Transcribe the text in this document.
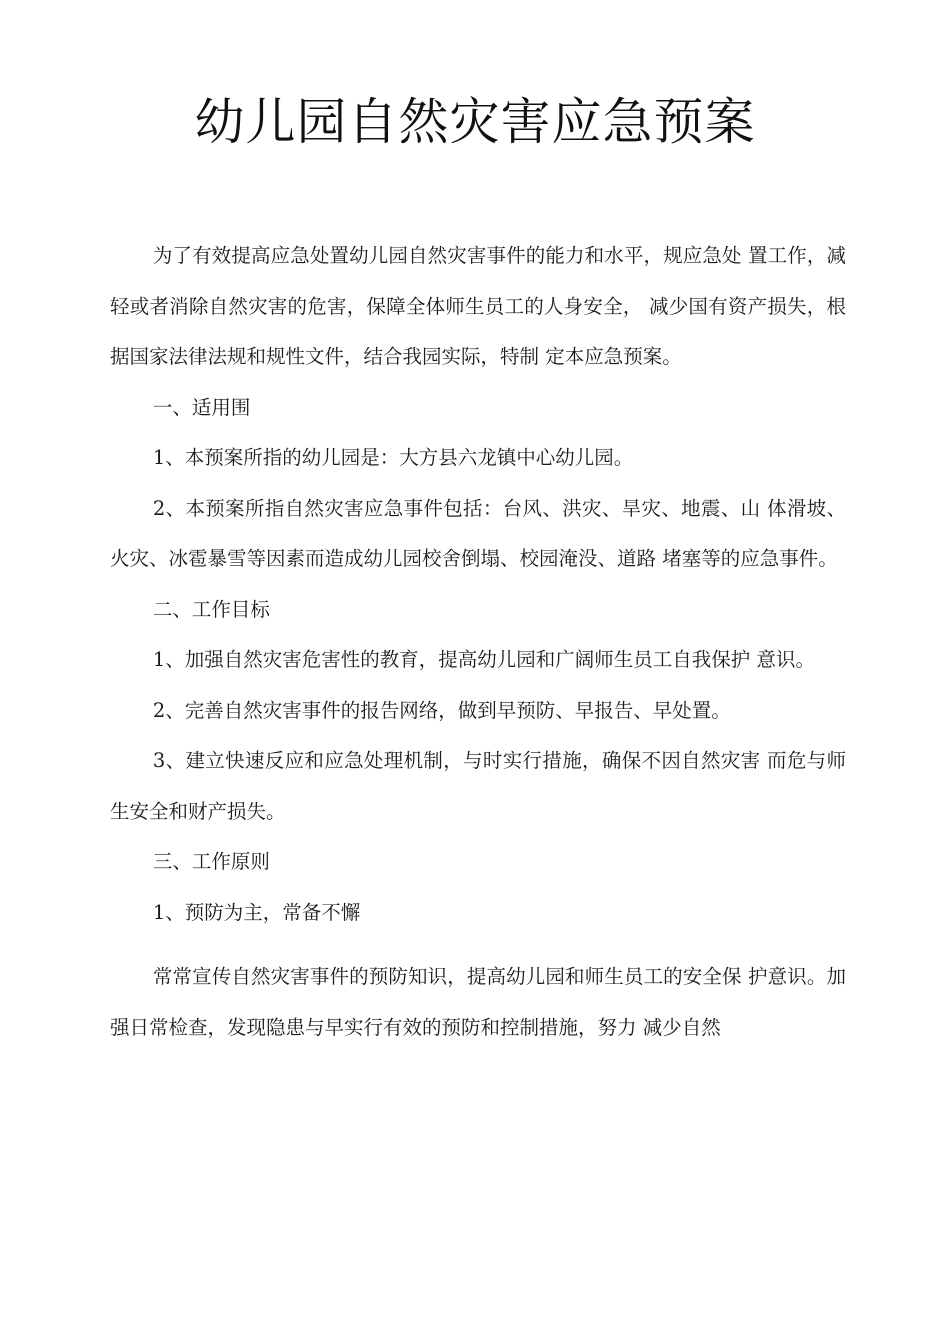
幼儿园自然灾害应急预案

为了有效提高应急处置幼儿园自然灾害事件的能力和水平，规应急处 置工作，减轻或者消除自然灾害的危害，保障全体师生员工的人身安全， 减少国有资产损失，根据国家法律法规和规性文件，结合我园实际，特制 定本应急预案。

一、适用围

1、本预案所指的幼儿园是：大方县六龙镇中心幼儿园。

2、本预案所指自然灾害应急事件包括：台风、洪灾、旱灾、地震、山 体滑坡、火灾、冰雹暴雪等因素而造成幼儿园校舍倒塌、校园淹没、道路 堵塞等的应急事件。

二、工作目标

1、加强自然灾害危害性的教育，提高幼儿园和广阔师生员工自我保护 意识。

2、完善自然灾害事件的报告网络，做到早预防、早报告、早处置。

3、建立快速反应和应急处理机制，与时实行措施，确保不因自然灾害 而危与师生安全和财产损失。

三、工作原则

1、预防为主，常备不懈

常常宣传自然灾害事件的预防知识，提高幼儿园和师生员工的安全保 护意识。加强日常检查，发现隐患与早实行有效的预防和控制措施，努力 减少自然
